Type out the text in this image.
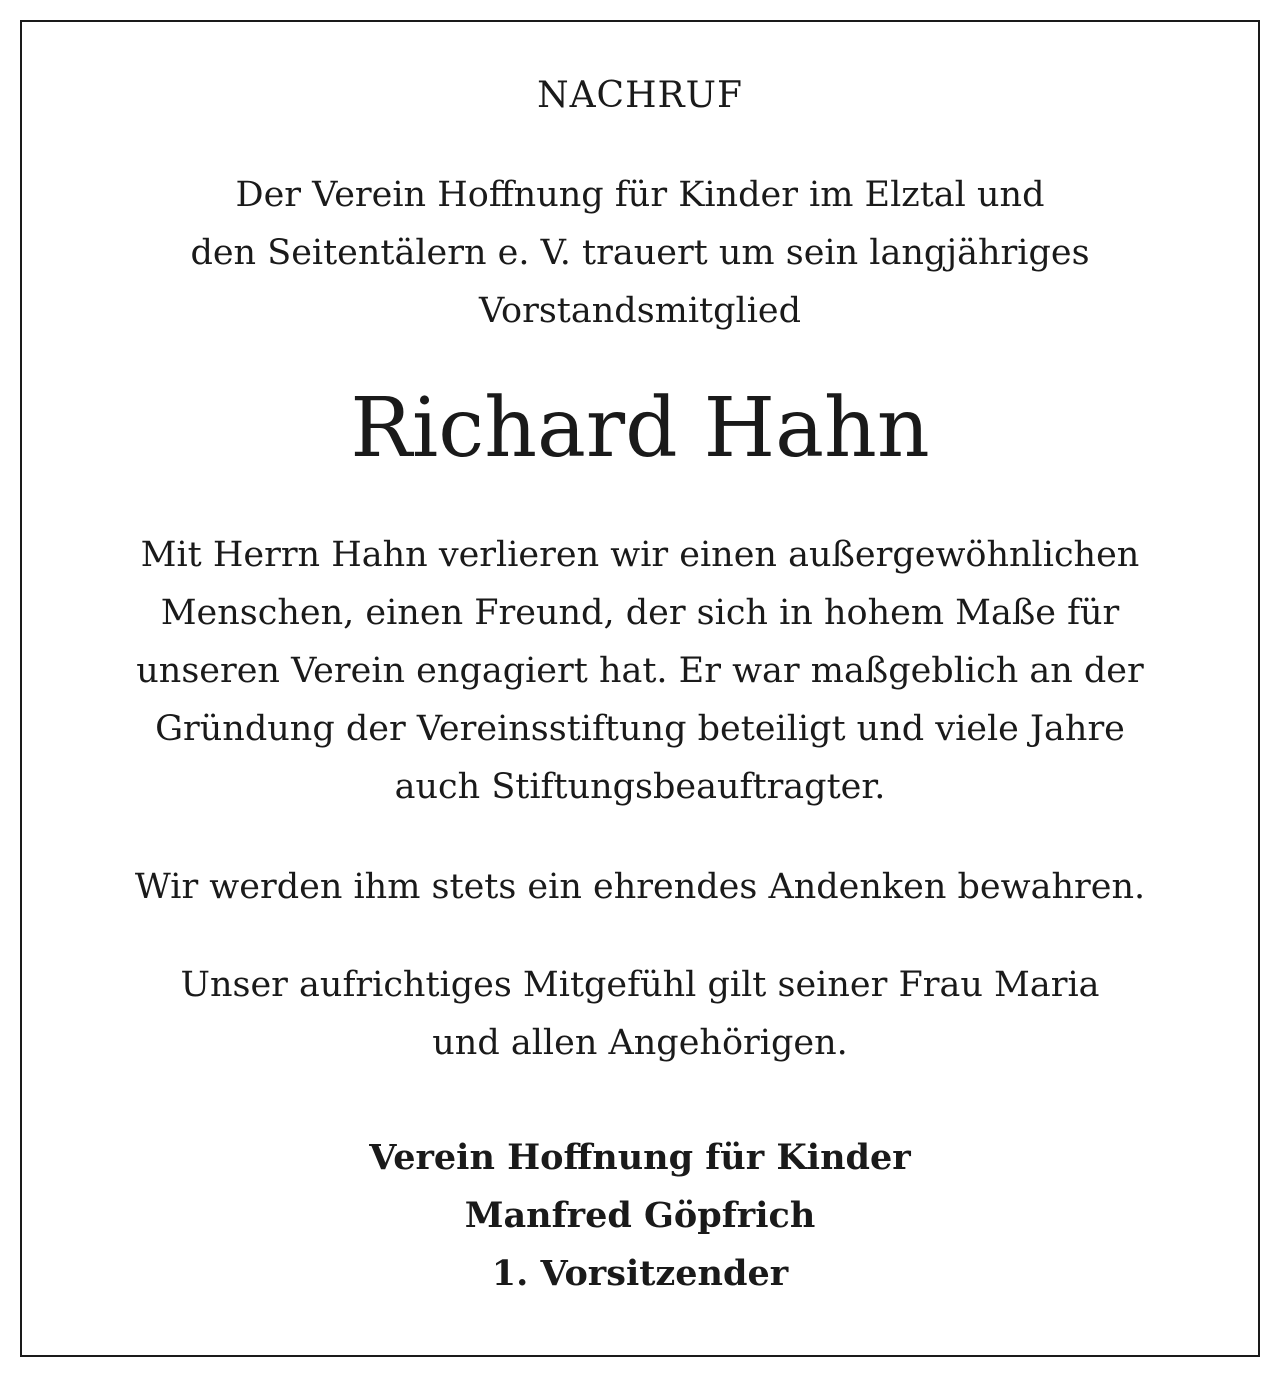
NACHRUF
Der Verein Hoffnung für Kinder im Elztal und
den Seitentälern e. V. trauert um sein langjähriges
Vorstandsmitglied
Richard Hahn
Mit Herrn Hahn verlieren wir einen außergewöhnlichen
Menschen, einen Freund, der sich in hohem Maße für
unseren Verein engagiert hat. Er war maßgeblich an der
Gründung der Vereinsstiftung beteiligt und viele Jahre
auch Stiftungsbeauftragter.
Wir werden ihm stets ein ehrendes Andenken bewahren.
Unser aufrichtiges Mitgefühl gilt seiner Frau Maria
und allen Angehörigen.
Verein Hoffnung für Kinder
Manfred Göpfrich
1. Vorsitzender
